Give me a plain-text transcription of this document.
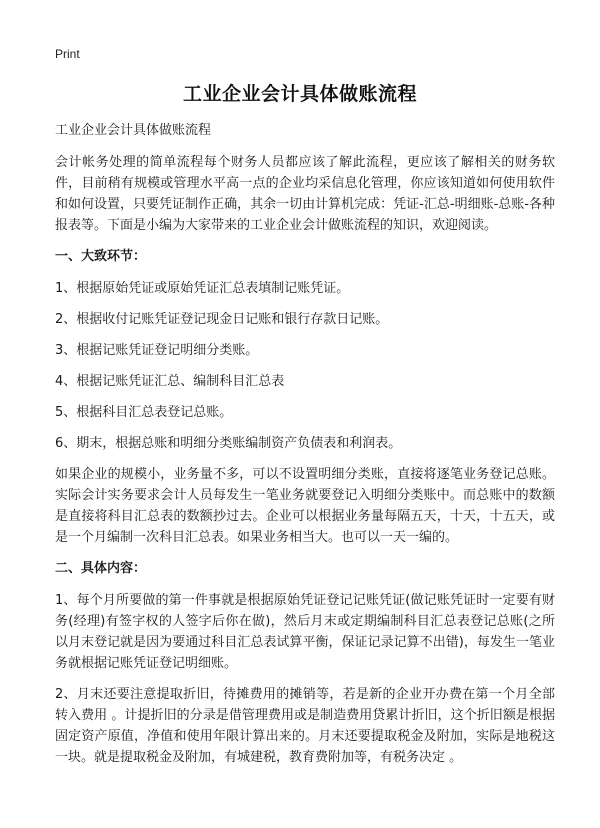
Print
工业企业会计具体做账流程

工业企业会计具体做账流程

会计帐务处理的简单流程每个财务人员都应该了解此流程，更应该了解相关的财务软件，目前稍有规模或管理水平高一点的企业均采信息化管理，你应该知道如何使用软件和如何设置，只要凭证制作正确，其余一切由计算机完成：凭证-汇总-明细账-总账-各种报表等。下面是小编为大家带来的工业企业会计做账流程的知识，欢迎阅读。

一、大致环节：

1、根据原始凭证或原始凭证汇总表填制记账凭证。

2、根据收付记账凭证登记现金日记账和银行存款日记账。

3、根据记账凭证登记明细分类账。

4、根据记账凭证汇总、编制科目汇总表

5、根据科目汇总表登记总账。

6、期末，根据总账和明细分类账编制资产负债表和利润表。

如果企业的规模小，业务量不多，可以不设置明细分类账，直接将逐笔业务登记总账。实际会计实务要求会计人员每发生一笔业务就要登记入明细分类账中。而总账中的数额是直接将科目汇总表的数额抄过去。企业可以根据业务量每隔五天，十天，十五天，或是一个月编制一次科目汇总表。如果业务相当大。也可以一天一编的。

二、具体内容：

1、每个月所要做的第一件事就是根据原始凭证登记记账凭证(做记账凭证时一定要有财务(经理)有签字权的人签字后你在做)，然后月末或定期编制科目汇总表登记总账(之所以月末登记就是因为要通过科目汇总表试算平衡，保证记录记算不出错)，每发生一笔业务就根据记账凭证登记明细账。

2、月末还要注意提取折旧，待摊费用的摊销等，若是新的企业开办费在第一个月全部转入费用 。计提折旧的分录是借管理费用或是制造费用贷累计折旧，这个折旧额是根据固定资产原值，净值和使用年限计算出来的。月末还要提取税金及附加，实际是地税这一块。就是提取税金及附加，有城建税，教育费附加等，有税务决定 。
